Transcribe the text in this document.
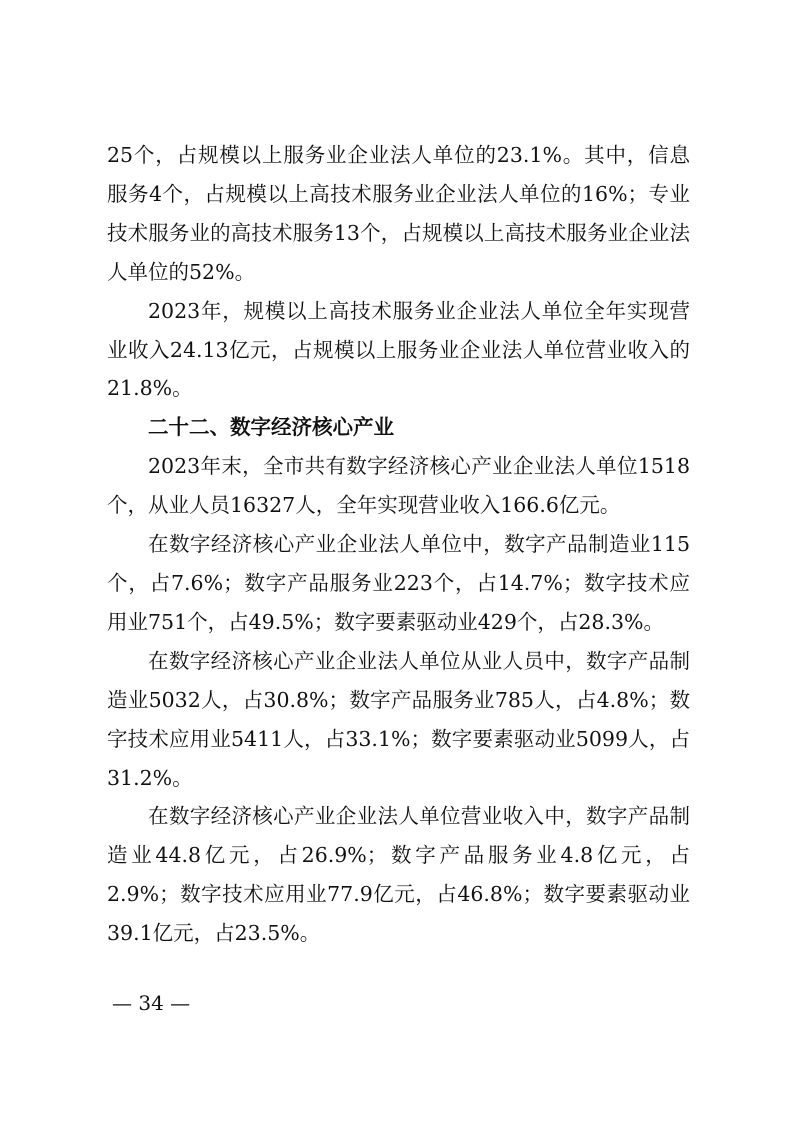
25个，占规模以上服务业企业法人单位的23.1%。其中，信息服务4个，占规模以上高技术服务业企业法人单位的16%；专业技术服务业的高技术服务13个，占规模以上高技术服务业企业法人单位的52%。

2023年，规模以上高技术服务业企业法人单位全年实现营业收入24.13亿元，占规模以上服务业企业法人单位营业收入的21.8%。

二十二、数字经济核心产业

2023年末，全市共有数字经济核心产业企业法人单位1518个，从业人员16327人，全年实现营业收入166.6亿元。

在数字经济核心产业企业法人单位中，数字产品制造业115个，占7.6%；数字产品服务业223个，占14.7%；数字技术应用业751个，占49.5%；数字要素驱动业429个，占28.3%。

在数字经济核心产业企业法人单位从业人员中，数字产品制造业5032人，占30.8%；数字产品服务业785人，占4.8%；数字技术应用业5411人，占33.1%；数字要素驱动业5099人，占31.2%。

在数字经济核心产业企业法人单位营业收入中，数字产品制造业44.8亿元，占26.9%；数字产品服务业4.8亿元，占2.9%；数字技术应用业77.9亿元，占46.8%；数字要素驱动业39.1亿元，占23.5%。

— 34 —
